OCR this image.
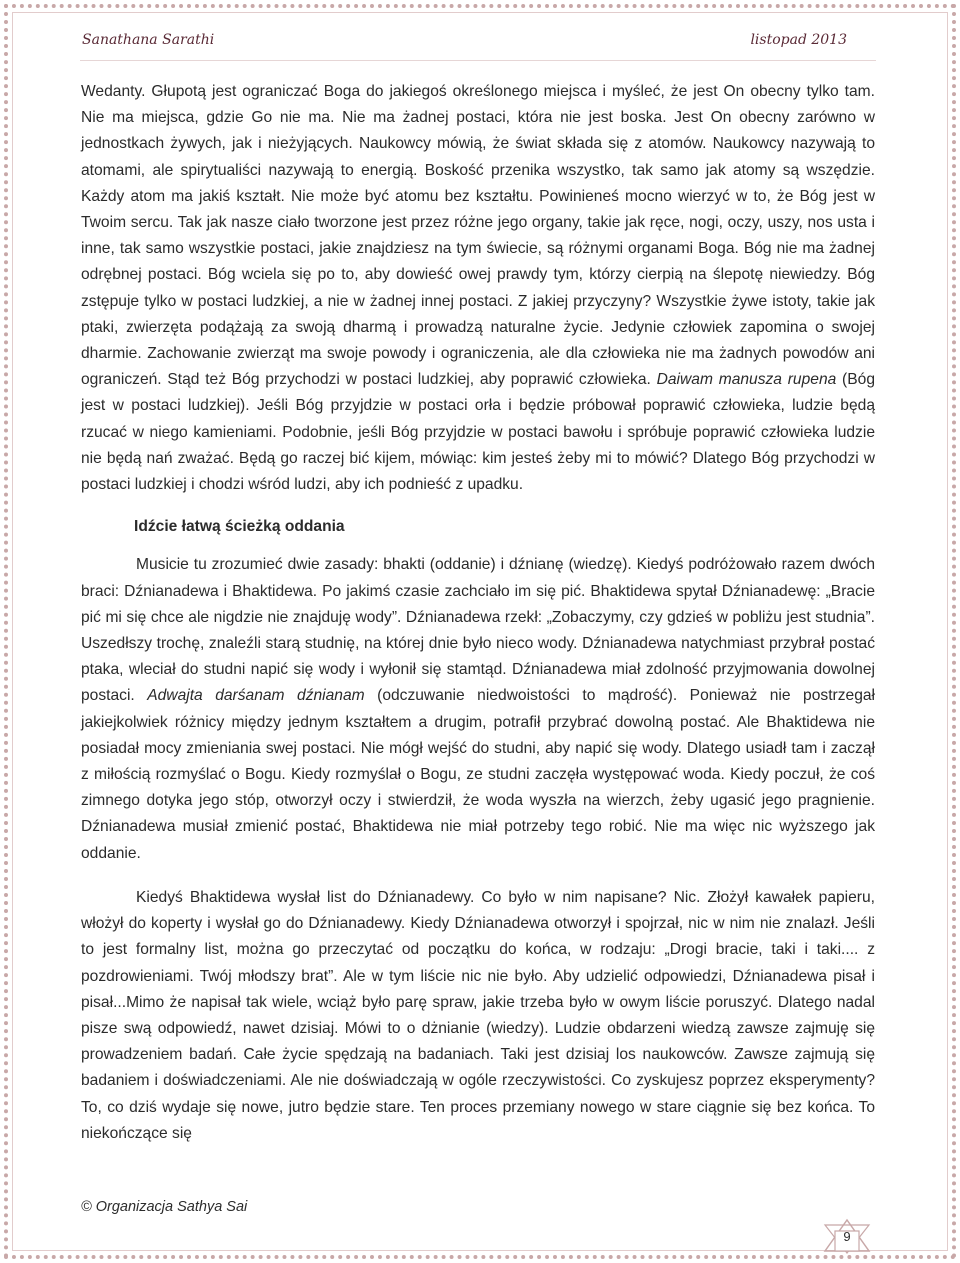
Sanathana Sarathi	listopad 2013

Wedanty. Głupotą jest ograniczać Boga do jakiegoś określonego miejsca i myśleć, że jest On obecny tylko tam. Nie ma miejsca, gdzie Go nie ma. Nie ma żadnej postaci, która nie jest boska. Jest On obecny zarówno w jednostkach żywych, jak i nieżyjących. Naukowcy mówią, że świat składa się z atomów. Naukowcy nazywają to atomami, ale spirytualiści nazywają to energią. Boskość przenika wszystko, tak samo jak atomy są wszędzie. Każdy atom ma jakiś kształt. Nie może być atomu bez kształtu. Powinieneś mocno wierzyć w to, że Bóg jest w Twoim sercu. Tak jak nasze ciało tworzone jest przez różne jego organy, takie jak ręce, nogi, oczy, uszy, nos usta i inne, tak samo wszystkie postaci, jakie znajdziesz na tym świecie, są różnymi organami Boga. Bóg nie ma żadnej odrębnej postaci. Bóg wciela się po to, aby dowieść owej prawdy tym, którzy cierpią na ślepotę niewiedzy. Bóg zstępuje tylko w postaci ludzkiej, a nie w żadnej innej postaci. Z jakiej przyczyny? Wszystkie żywe istoty, takie jak ptaki, zwierzęta podążają za swoją dharmą i prowadzą naturalne życie. Jedynie człowiek zapomina o swojej dharmie. Zachowanie zwierząt ma swoje powody i ograniczenia, ale dla człowieka nie ma żadnych powodów ani ograniczeń. Stąd też Bóg przychodzi w postaci ludzkiej, aby poprawić człowieka. Daiwam manusza rupena (Bóg jest w postaci ludzkiej). Jeśli Bóg przyjdzie w postaci orła i będzie próbował poprawić człowieka, ludzie będą rzucać w niego kamieniami. Podobnie, jeśli Bóg przyjdzie w postaci bawołu i spróbuje poprawić człowieka ludzie nie będą nań zważać. Będą go raczej bić kijem, mówiąc: kim jesteś żeby mi to mówić? Dlatego Bóg przychodzi w postaci ludzkiej i chodzi wśród ludzi, aby ich podnieść z upadku.

Idźcie łatwą ścieżką oddania

Musicie tu zrozumieć dwie zasady: bhakti (oddanie) i dźnianę (wiedzę). Kiedyś podróżowało razem dwóch braci: Dźnianadewa i Bhaktidewa. Po jakimś czasie zachciało im się pić. Bhaktidewa spytał Dźnianadewę: „Bracie pić mi się chce ale nigdzie nie znajduję wody”. Dźnianadewa rzekł: „Zobaczymy, czy gdzieś w pobliżu jest studnia”. Uszedłszy trochę, znaleźli starą studnię, na której dnie było nieco wody. Dźnianadewa natychmiast przybrał postać ptaka, wleciał do studni napić się wody i wyłonił się stamtąd. Dźnianadewa miał zdolność przyjmowania dowolnej postaci. Adwajta darśanam dźnianam (odczuwanie niedwoistości to mądrość). Ponieważ nie postrzegał jakiejkolwiek różnicy między jednym kształtem a drugim, potrafił przybrać dowolną postać. Ale Bhaktidewa nie posiadał mocy zmieniania swej postaci. Nie mógł wejść do studni, aby napić się wody. Dlatego usiadł tam i zaczął z miłością rozmyślać o Bogu. Kiedy rozmyślał o Bogu, ze studni zaczęła występować woda. Kiedy poczuł, że coś zimnego dotyka jego stóp, otworzył oczy i stwierdził, że woda wyszła na wierzch, żeby ugasić jego pragnienie. Dźnianadewa musiał zmienić postać, Bhaktidewa nie miał potrzeby tego robić. Nie ma więc nic wyższego jak oddanie.

Kiedyś Bhaktidewa wysłał list do Dźnianadewy. Co było w nim napisane? Nic. Złożył kawałek papieru, włożył do koperty i wysłał go do Dźnianadewy. Kiedy Dźnianadewa otworzył i spojrzał, nic w nim nie znalazł. Jeśli to jest formalny list, można go przeczytać od początku do końca, w rodzaju: „Drogi bracie, taki i taki.... z pozdrowieniami. Twój młodszy brat”. Ale w tym liście nic nie było. Aby udzielić odpowiedzi, Dźnianadewa pisał i pisał...Mimo że napisał tak wiele, wciąż było parę spraw, jakie trzeba było w owym liście poruszyć. Dlatego nadal pisze swą odpowiedź, nawet dzisiaj. Mówi to o dżnianie (wiedzy). Ludzie obdarzeni wiedzą zawsze zajmuję się prowadzeniem badań. Całe życie spędzają na badaniach. Taki jest dzisiaj los naukowców. Zawsze zajmują się badaniem i doświadczeniami. Ale nie doświadczają w ogóle rzeczywistości. Co zyskujesz poprzez eksperymenty? To, co dziś wydaje się nowe, jutro będzie stare. Ten proces przemiany nowego w stare ciągnie się bez końca. To niekończące się

© Organizacja Sathya Sai
9
